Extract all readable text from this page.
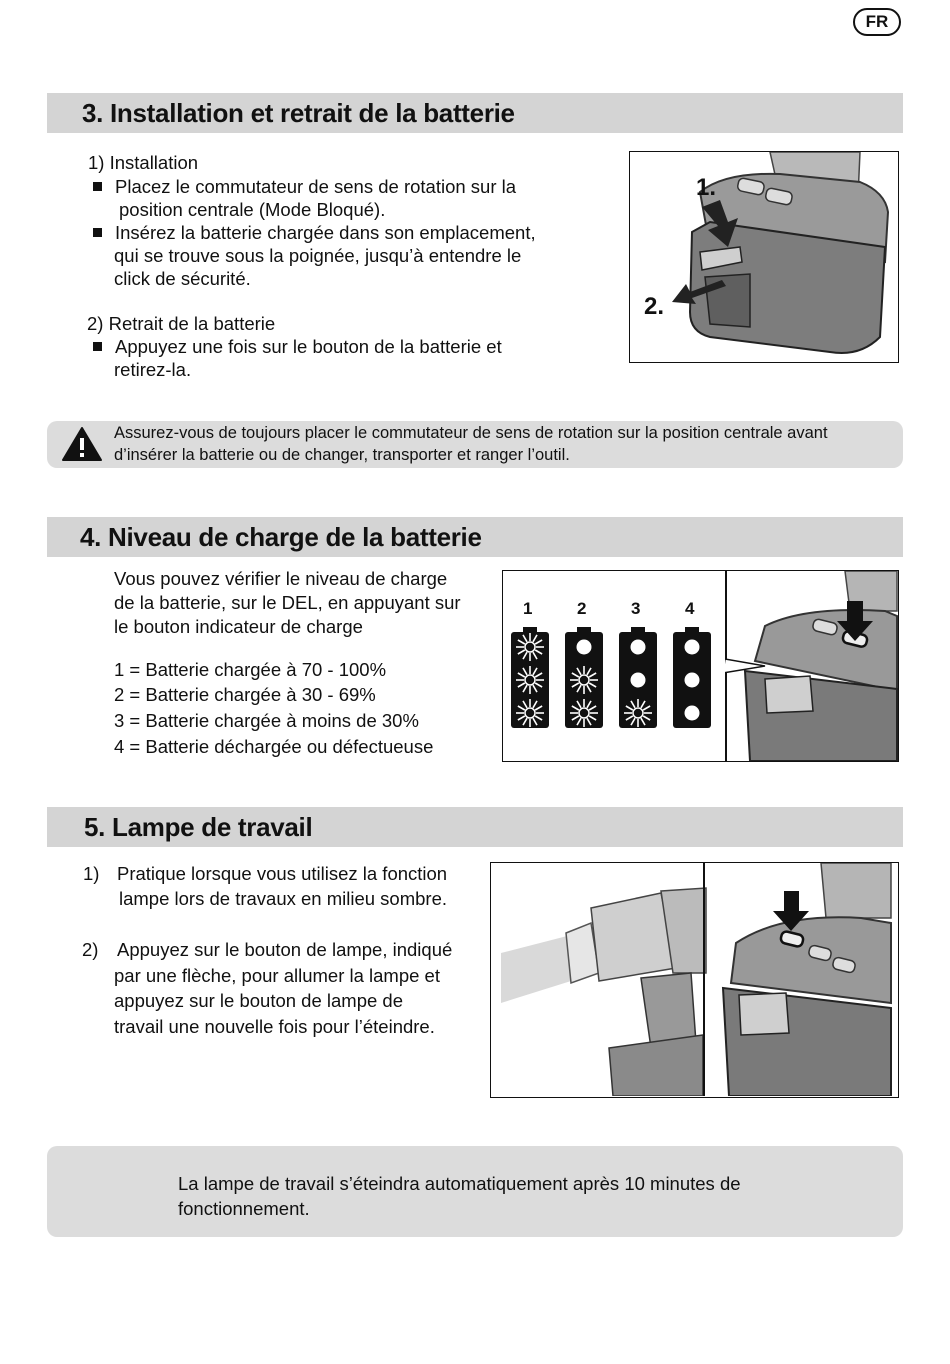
FR
3. Installation et retrait de la batterie
1) Installation
Placez le commutateur de sens de rotation sur la
position centrale (Mode Bloqué).
Insérez la batterie chargée dans son emplacement,
qui se trouve sous la poignée, jusqu’à entendre le
click de sécurité.
2) Retrait de la batterie
Appuyez une fois sur le bouton de la batterie et
retirez-la.
1.
2.
Assurez-vous de toujours placer le commutateur de sens de rotation sur la position centrale avant
d’insérer la batterie ou de changer, transporter et ranger l’outil.
4. Niveau de charge de la batterie
Vous pouvez vérifier le niveau de charge
de la batterie, sur le DEL, en appuyant sur
le bouton indicateur de charge
1 = Batterie chargée à 70 - 100%
2 = Batterie chargée à 30 - 69%
3 = Batterie chargée à moins de 30%
4 = Batterie déchargée ou défectueuse
1	2	3	4
5. Lampe de travail
1) Pratique lorsque vous utilisez la fonction
lampe lors de travaux en milieu sombre.
2) Appuyez sur le bouton de lampe, indiqué
par une flèche, pour allumer la lampe et
appuyez sur le bouton de lampe de
travail une nouvelle fois pour l’éteindre.
La lampe de travail s’éteindra automatiquement après 10 minutes de
fonctionnement.
